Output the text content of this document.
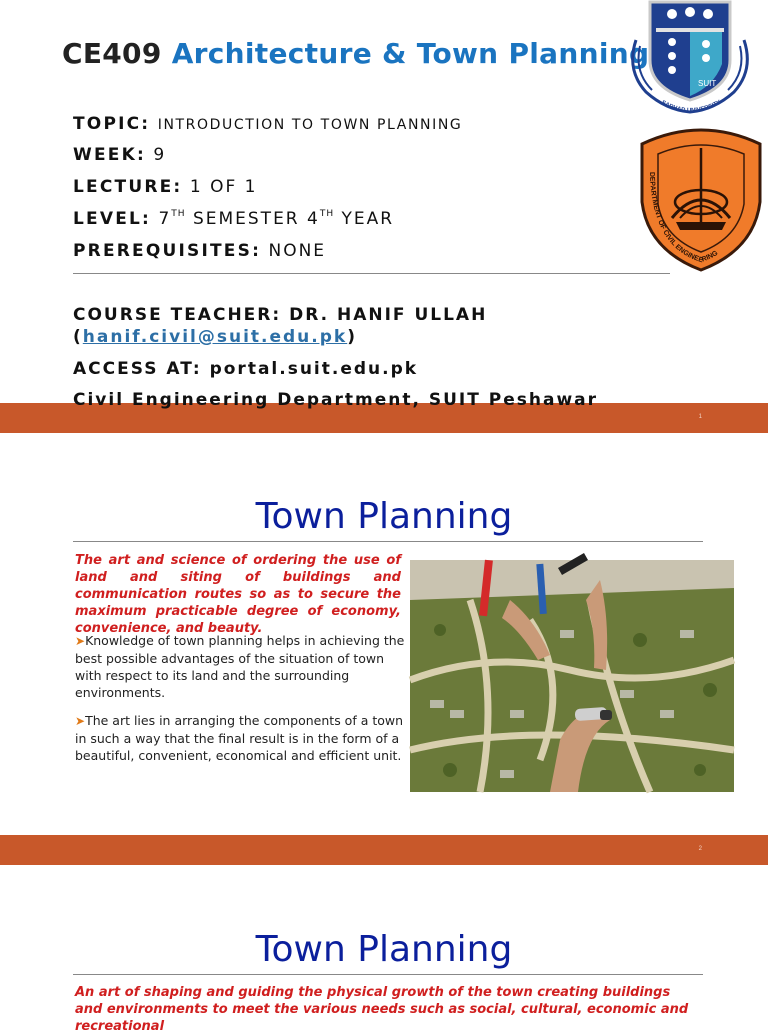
CE409 Architecture & Town Planning
SUIT
SARHAD UNIVERSITY
DEPARTMENT OF CIVIL ENGINEERING
TOPIC: INTRODUCTION TO TOWN PLANNING
WEEK: 9
LECTURE: 1 OF 1
LEVEL: 7TH SEMESTER 4TH YEAR
PREREQUISITES: NONE
COURSE TEACHER: DR. HANIF ULLAH
(hanif.civil@suit.edu.pk)
ACCESS AT: portal.suit.edu.pk
Civil Engineering Department, SUIT Peshawar
1
Town Planning
The art and science of ordering the use of land and siting of buildings and communication routes so as to secure the maximum practicable degree of economy, convenience, and beauty.
➤Knowledge of town planning helps in achieving the best possible advantages of the situation of town with respect to its land and the surrounding environments.
➤The art lies in arranging the components of a town in such a way that the final result is in the form of a beautiful, convenient, economical and efficient unit.
2
Town Planning
An art of shaping and guiding the physical growth of the town creating buildings and environments to meet the various needs such as social, cultural, economic and recreational
